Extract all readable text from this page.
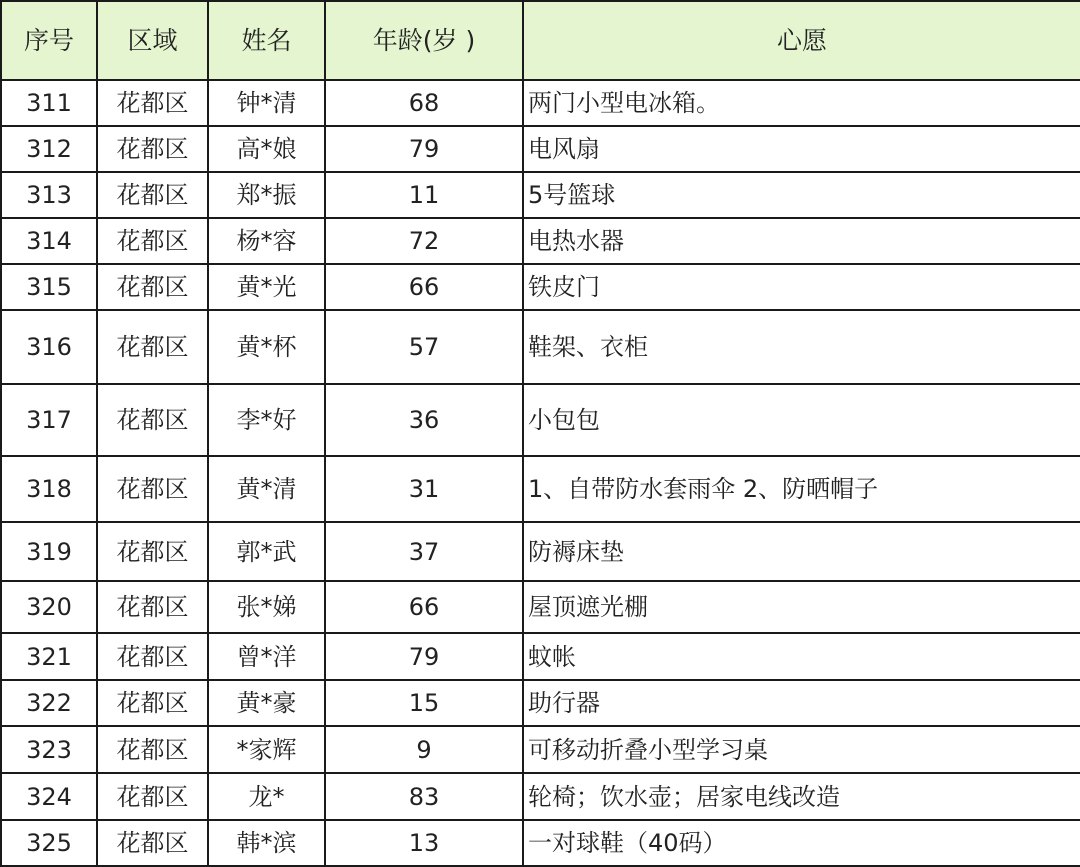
序号	区域	姓名	年龄(岁 )	心愿
311	花都区	钟*清	68	两门小型电冰箱。
312	花都区	高*娘	79	电风扇
313	花都区	郑*振	11	5号篮球
314	花都区	杨*容	72	电热水器
315	花都区	黄*光	66	铁皮门
316	花都区	黄*杯	57	鞋架、衣柜
317	花都区	李*好	36	小包包
318	花都区	黄*清	31	1、自带防水套雨伞 2、防晒帽子
319	花都区	郭*武	37	防褥床垫
320	花都区	张*娣	66	屋顶遮光棚
321	花都区	曾*洋	79	蚊帐
322	花都区	黄*豪	15	助行器
323	花都区	*家辉	9	可移动折叠小型学习桌
324	花都区	龙*	83	轮椅；饮水壶；居家电线改造
325	花都区	韩*滨	13	一对球鞋（40码）
